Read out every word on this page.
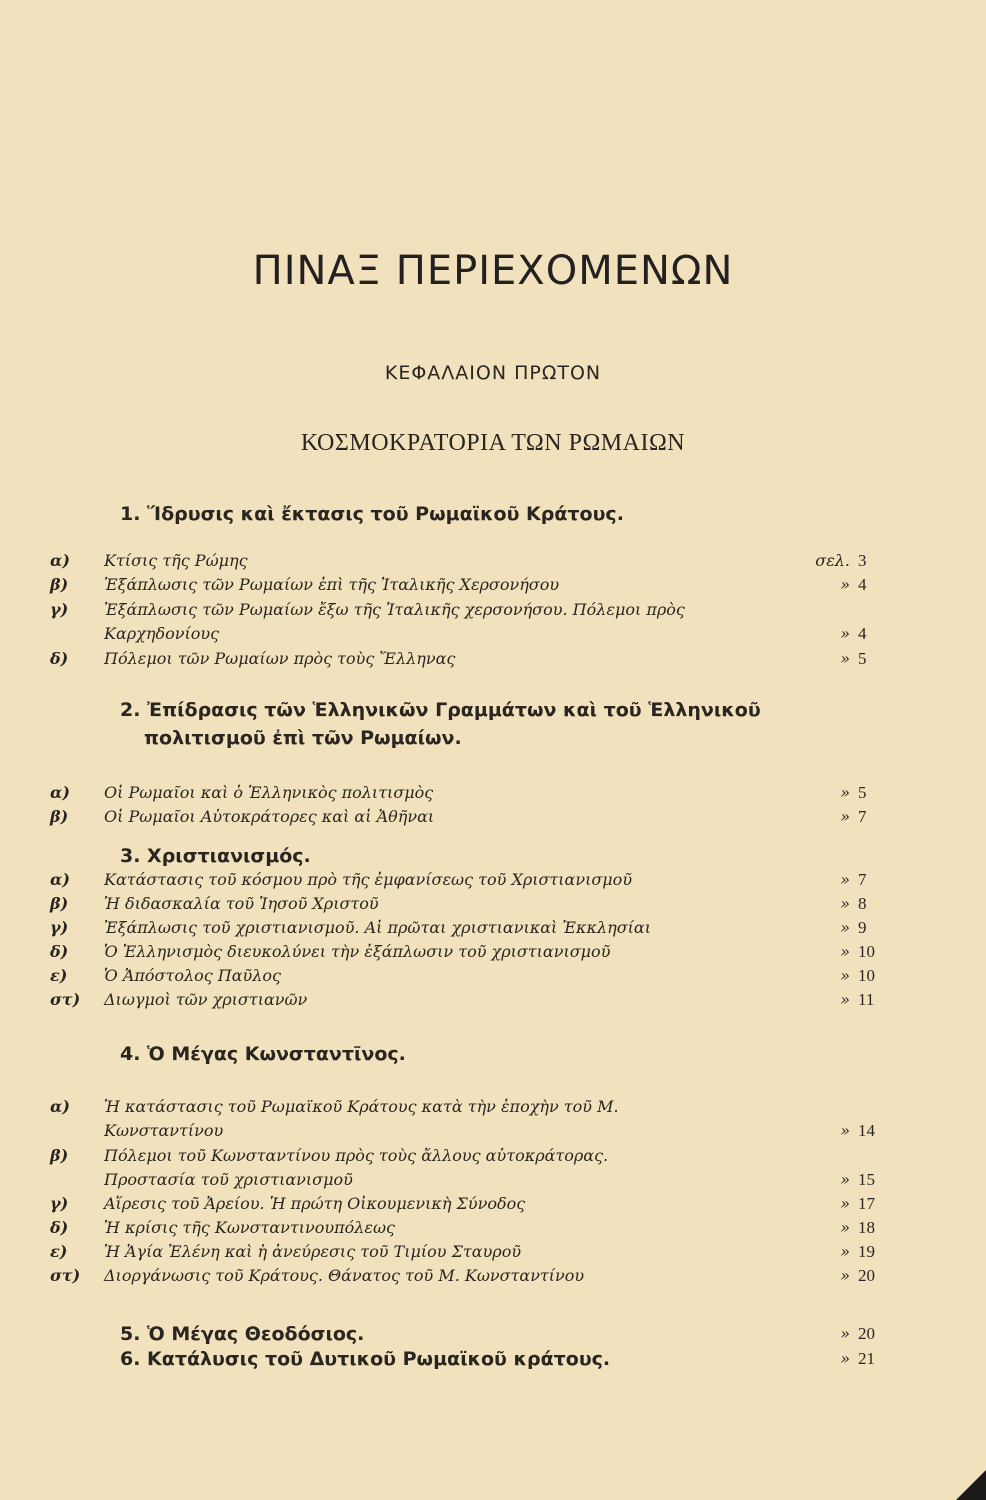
ΠΙΝΑΞ ΠΕΡΙΕΧΟΜΕΝΩΝ
ΚΕΦΑΛΑΙΟΝ ΠΡΩΤΟΝ
ΚΟΣΜΟΚΡΑΤΟΡΙΑ ΤΩΝ ΡΩΜΑΙΩΝ
1. Ἵδρυσις καὶ ἔκτασις τοῦ Ρωμαϊκοῦ Κράτους.
α) Κτίσις τῆς Ρώμης	σελ. 3
β) Ἐξάπλωσις τῶν Ρωμαίων ἐπὶ τῆς Ἰταλικῆς Χερσονήσου	» 4
γ) Ἐξάπλωσις τῶν Ρωμαίων ἔξω τῆς Ἰταλικῆς χερσονήσου. Πόλεμοι πρὸς
Καρχηδονίους	» 4
δ) Πόλεμοι τῶν Ρωμαίων πρὸς τοὺς Ἕλληνας	» 5
2. Ἐπίδρασις τῶν Ἑλληνικῶν Γραμμάτων καὶ τοῦ Ἑλληνικοῦ
πολιτισμοῦ ἐπὶ τῶν Ρωμαίων.
α) Οἱ Ρωμαῖοι καὶ ὁ Ἑλληνικὸς πολιτισμὸς	» 5
β) Οἱ Ρωμαῖοι Αὐτοκράτορες καὶ αἱ Ἀθῆναι	» 7
3. Χριστιανισμός.
α) Κατάστασις τοῦ κόσμου πρὸ τῆς ἐμφανίσεως τοῦ Χριστιανισμοῦ	» 7
β) Ἡ διδασκαλία τοῦ Ἰησοῦ Χριστοῦ	» 8
γ) Ἐξάπλωσις τοῦ χριστιανισμοῦ. Αἱ πρῶται χριστιανικαὶ Ἐκκλησίαι	» 9
δ) Ὁ Ἑλληνισμὸς διευκολύνει τὴν ἐξάπλωσιν τοῦ χριστιανισμοῦ	» 10
ε) Ὁ Ἀπόστολος Παῦλος	» 10
στ) Διωγμοὶ τῶν χριστιανῶν	» 11
4. Ὁ Μέγας Κωνσταντῖνος.
α) Ἡ κατάστασις τοῦ Ρωμαϊκοῦ Κράτους κατὰ τὴν ἐποχὴν τοῦ Μ.
Κωνσταντίνου	» 14
β) Πόλεμοι τοῦ Κωνσταντίνου πρὸς τοὺς ἄλλους αὐτοκράτορας.
Προστασία τοῦ χριστιανισμοῦ	» 15
γ) Αἵρεσις τοῦ Ἀρείου. Ἡ πρώτη Οἰκουμενικὴ Σύνοδος	» 17
δ) Ἡ κρίσις τῆς Κωνσταντινουπόλεως	» 18
ε) Ἡ Ἁγία Ἑλένη καὶ ἡ ἀνεύρεσις τοῦ Τιμίου Σταυροῦ	» 19
στ) Διοργάνωσις τοῦ Κράτους. Θάνατος τοῦ Μ. Κωνσταντίνου	» 20
5. Ὁ Μέγας Θεοδόσιος.	» 20
6. Κατάλυσις τοῦ Δυτικοῦ Ρωμαϊκοῦ κράτους.	» 21
